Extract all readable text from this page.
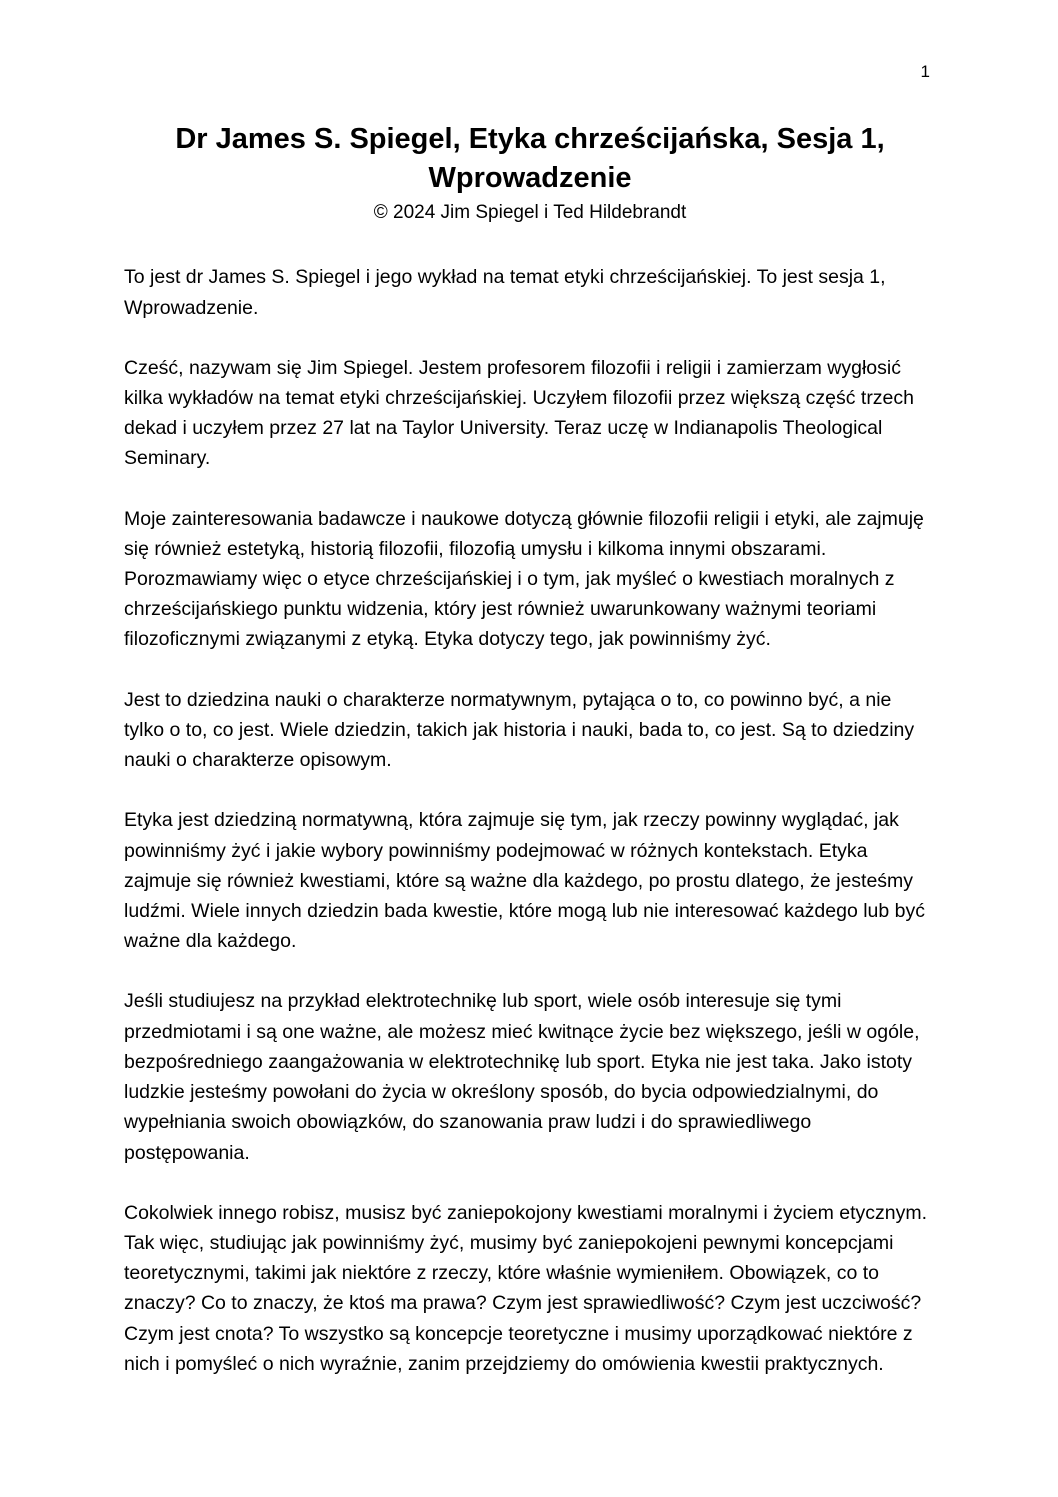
1
Dr James S. Spiegel, Etyka chrześcijańska, Sesja 1, Wprowadzenie
© 2024 Jim Spiegel i Ted Hildebrandt

To jest dr James S. Spiegel i jego wykład na temat etyki chrześcijańskiej. To jest sesja 1, Wprowadzenie.

Cześć, nazywam się Jim Spiegel. Jestem profesorem filozofii i religii i zamierzam wygłosić kilka wykładów na temat etyki chrześcijańskiej. Uczyłem filozofii przez większą część trzech dekad i uczyłem przez 27 lat na Taylor University. Teraz uczę w Indianapolis Theological Seminary.

Moje zainteresowania badawcze i naukowe dotyczą głównie filozofii religii i etyki, ale zajmuję się również estetyką, historią filozofii, filozofią umysłu i kilkoma innymi obszarami. Porozmawiamy więc o etyce chrześcijańskiej i o tym, jak myśleć o kwestiach moralnych z chrześcijańskiego punktu widzenia, który jest również uwarunkowany ważnymi teoriami filozoficznymi związanymi z etyką. Etyka dotyczy tego, jak powinniśmy żyć.

Jest to dziedzina nauki o charakterze normatywnym, pytająca o to, co powinno być, a nie tylko o to, co jest. Wiele dziedzin, takich jak historia i nauki, bada to, co jest. Są to dziedziny nauki o charakterze opisowym.

Etyka jest dziedziną normatywną, która zajmuje się tym, jak rzeczy powinny wyglądać, jak powinniśmy żyć i jakie wybory powinniśmy podejmować w różnych kontekstach. Etyka zajmuje się również kwestiami, które są ważne dla każdego, po prostu dlatego, że jesteśmy ludźmi. Wiele innych dziedzin bada kwestie, które mogą lub nie interesować każdego lub być ważne dla każdego.

Jeśli studiujesz na przykład elektrotechnikę lub sport, wiele osób interesuje się tymi przedmiotami i są one ważne, ale możesz mieć kwitnące życie bez większego, jeśli w ogóle, bezpośredniego zaangażowania w elektrotechnikę lub sport. Etyka nie jest taka. Jako istoty ludzkie jesteśmy powołani do życia w określony sposób, do bycia odpowiedzialnymi, do wypełniania swoich obowiązków, do szanowania praw ludzi i do sprawiedliwego postępowania.

Cokolwiek innego robisz, musisz być zaniepokojony kwestiami moralnymi i życiem etycznym. Tak więc, studiując jak powinniśmy żyć, musimy być zaniepokojeni pewnymi koncepcjami teoretycznymi, takimi jak niektóre z rzeczy, które właśnie wymieniłem. Obowiązek, co to znaczy? Co to znaczy, że ktoś ma prawa? Czym jest sprawiedliwość? Czym jest uczciwość? Czym jest cnota? To wszystko są koncepcje teoretyczne i musimy uporządkować niektóre z nich i pomyśleć o nich wyraźnie, zanim przejdziemy do omówienia kwestii praktycznych.
